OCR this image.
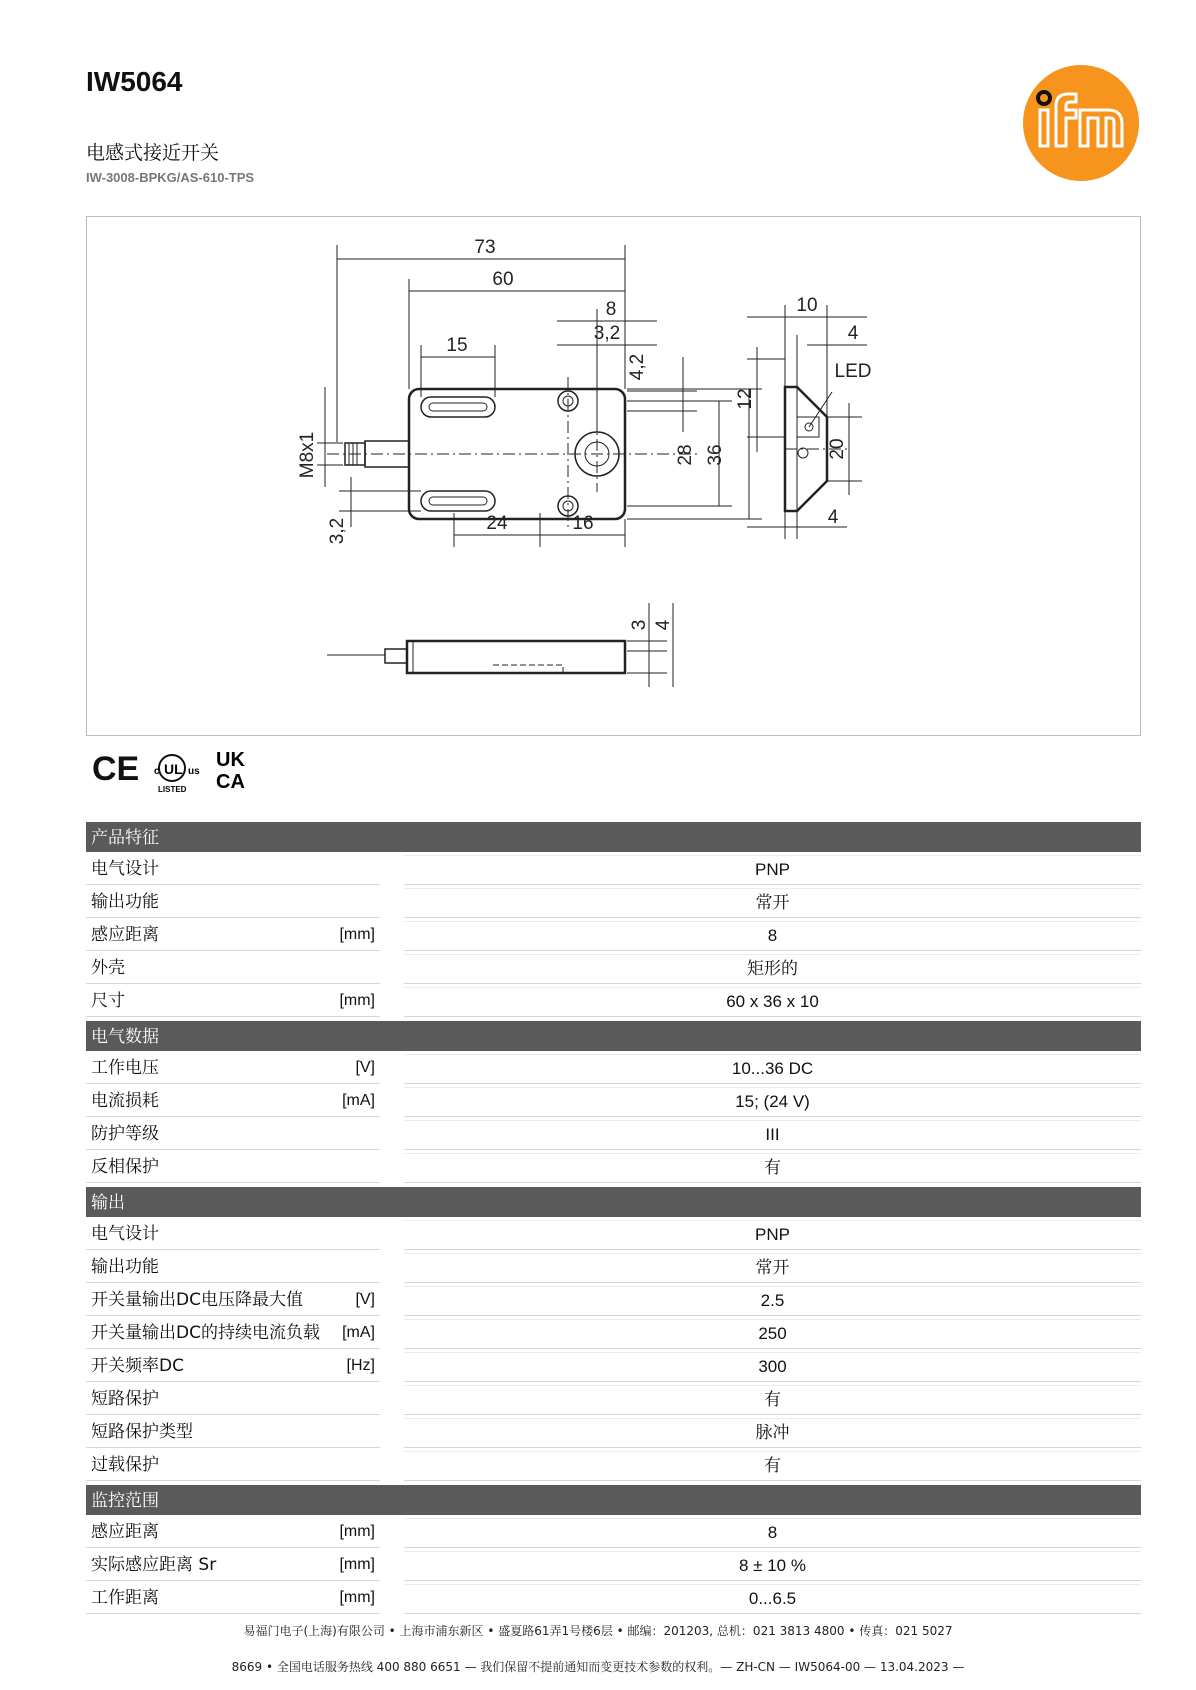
IW5064
电感式接近开关
IW-3008-BPKG/AS-610-TPS
73
60
8
3,2
15
4,2
28 36
M8x1
3,2	24	16
10
4
LED
12
20
4
3 4
CE c UL us
LISTED
UK
CA
产品特征
电气设计	PNP
输出功能	常开
感应距离	[mm]	8
外壳	矩形的
尺寸	[mm]	60 x 36 x 10
电气数据
工作电压	[V]	10...36 DC
电流损耗	[mA]	15; (24 V)
防护等级	III
反相保护	有
输出
电气设计	PNP
输出功能	常开
开关量输出DC电压降最大值	[V]	2.5
开关量输出DC的持续电流负载	[mA]	250
开关频率DC	[Hz]	300
短路保护	有
短路保护类型	脉冲
过载保护	有
监控范围
感应距离	[mm]	8
实际感应距离 Sr	[mm]	8 ± 10 %
工作距离	[mm]	0...6.5
易福门电子(上海)有限公司 • 上海市浦东新区 • 盛夏路61弄1号楼6层 • 邮编：201203, 总机：021 3813 4800 • 传真：021 5027
8669 • 全国电话服务热线 400 880 6651 — 我们保留不提前通知而变更技术参数的权利。— ZH-CN — IW5064-00 — 13.04.2023 —
